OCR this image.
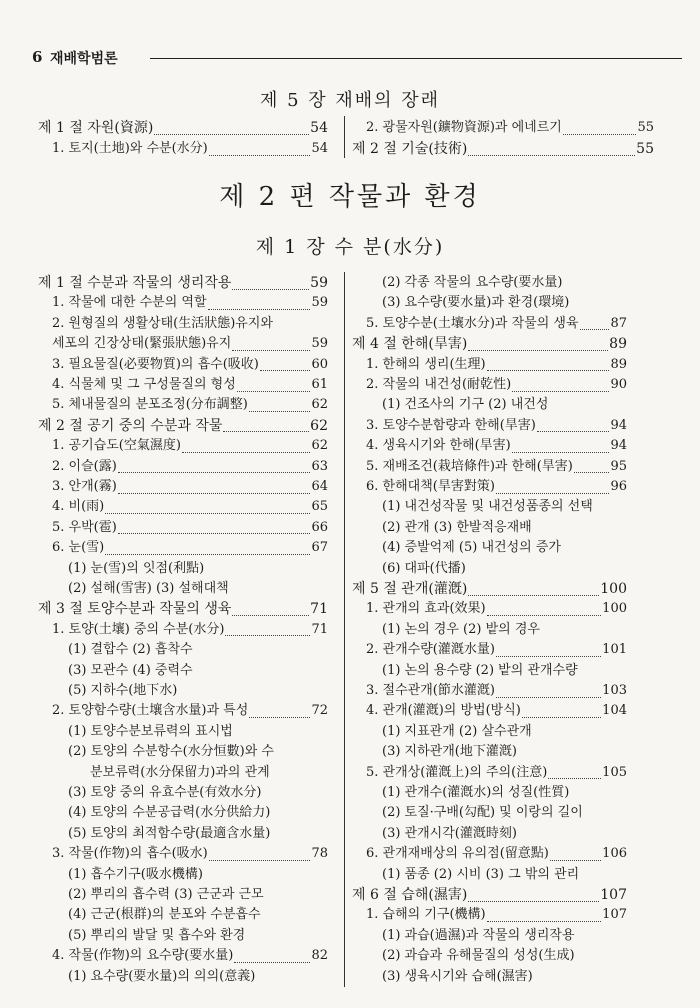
6 재배학범론
제 5 장 재배의 장래
제 1 절 자원(資源)	54
1. 토지(土地)와 수분(水分)	54
2. 광물자원(鑛物資源)과 에네르기	55
제 2 절 기술(技術)	55
제 2 편 작물과 환경
제 1 장 수 분(水分)
제 1 절 수분과 작물의 생리작용	59
1. 작물에 대한 수분의 역할	59
2. 원형질의 생활상태(生活狀態)유지와
세포의 긴장상태(緊張狀態)유지	59
3. 필요물질(必要物質)의 흡수(吸收)	60
4. 식물체 및 그 구성물질의 형성	61
5. 체내물질의 분포조정(分布調整)	62
제 2 절 공기 중의 수분과 작물	62
1. 공기습도(空氣濕度)	62
2. 이슬(露)	63
3. 안개(霧)	64
4. 비(雨)	65
5. 우박(雹)	66
6. 눈(雪)	67
(1) 눈(雪)의 잇점(利點)
(2) 설해(雪害) (3) 설해대책
제 3 절 토양수분과 작물의 생육	71
1. 토양(土壤) 중의 수분(水分)	71
(1) 결합수 (2) 흡착수
(3) 모관수 (4) 중력수
(5) 지하수(地下水)
2. 토양함수량(土壤含水量)과 특성	72
(1) 토양수분보류력의 표시법
(2) 토양의 수분항수(水分恒數)와 수
분보류력(水分保留力)과의 관계
(3) 토양 중의 유효수분(有效水分)
(4) 토양의 수분공급력(水分供給力)
(5) 토양의 최적함수량(最適含水量)
3. 작물(作物)의 흡수(吸水)	78
(1) 흡수기구(吸水機構)
(2) 뿌리의 흡수력 (3) 근군과 근모
(4) 근군(根群)의 분포와 수분흡수
(5) 뿌리의 발달 및 흡수와 환경
4. 작물(作物)의 요수량(要水量)	82
(1) 요수량(要水量)의 의의(意義)
(2) 각종 작물의 요수량(要水量)
(3) 요수량(要水量)과 환경(環境)
5. 토양수분(土壤水分)과 작물의 생육 87
제 4 절 한해(旱害)	89
1. 한해의 생리(生理)	89
2. 작물의 내건성(耐乾性)	90
(1) 건조사의 기구 (2) 내건성
3. 토양수분함량과 한해(旱害)	94
4. 생육시기와 한해(旱害)	94
5. 재배조건(栽培條件)과 한해(旱害)	95
6. 한해대책(旱害對策)	96
(1) 내건성작물 및 내건성품종의 선택
(2) 관개 (3) 한발적응재배
(4) 증발억제 (5) 내건성의 증가
(6) 대파(代播)
제 5 절 관개(灌漑)	100
1. 관개의 효과(效果)	100
(1) 논의 경우 (2) 밭의 경우
2. 관개수량(灌漑水量)	101
(1) 논의 용수량 (2) 밭의 관개수량
3. 절수관개(節水灌漑)	103
4. 관개(灌漑)의 방법(방식)	104
(1) 지표관개 (2) 살수관개
(3) 지하관개(地下灌漑)
5. 관개상(灌漑上)의 주의(注意)	105
(1) 관개수(灌漑水)의 성질(性質)
(2) 토질·구배(勾配) 및 이랑의 길이
(3) 관개시각(灌漑時刻)
6. 관개재배상의 유의점(留意點)	106
(1) 품종 (2) 시비 (3) 그 밖의 관리
제 6 절 습해(濕害)	107
1. 습해의 기구(機構)	107
(1) 과습(過濕)과 작물의 생리작용
(2) 과습과 유해물질의 성성(生成)
(3) 생육시기와 습해(濕害)
